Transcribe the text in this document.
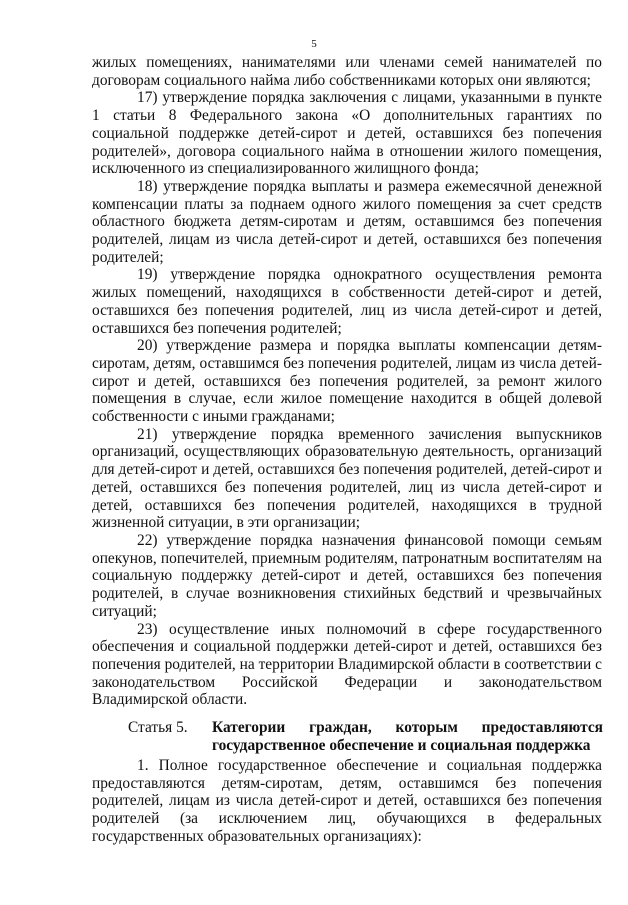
5

жилых помещениях, нанимателями или членами семей нанимателей по договорам социального найма либо собственниками которых они являются;

17) утверждение порядка заключения с лицами, указанными в пункте 1 статьи 8 Федерального закона «О дополнительных гарантиях по социальной поддержке детей-сирот и детей, оставшихся без попечения родителей», договора социального найма в отношении жилого помещения, исключенного из специализированного жилищного фонда;

18) утверждение порядка выплаты и размера ежемесячной денежной компенсации платы за поднаем одного жилого помещения за счет средств областного бюджета детям-сиротам и детям, оставшимся без попечения родителей, лицам из числа детей-сирот и детей, оставшихся без попечения родителей;

19) утверждение порядка однократного осуществления ремонта жилых помещений, находящихся в собственности детей-сирот и детей, оставшихся без попечения родителей, лиц из числа детей-сирот и детей, оставшихся без попечения родителей;

20) утверждение размера и порядка выплаты компенсации детям-сиротам, детям, оставшимся без попечения родителей, лицам из числа детей-сирот и детей, оставшихся без попечения родителей, за ремонт жилого помещения в случае, если жилое помещение находится в общей долевой собственности с иными гражданами;

21) утверждение порядка временного зачисления выпускников организаций, осуществляющих образовательную деятельность, организаций для детей-сирот и детей, оставшихся без попечения родителей, детей-сирот и детей, оставшихся без попечения родителей, лиц из числа детей-сирот и детей, оставшихся без попечения родителей, находящихся в трудной жизненной ситуации, в эти организации;

22) утверждение порядка назначения финансовой помощи семьям опекунов, попечителей, приемным родителям, патронатным воспитателям на социальную поддержку детей-сирот и детей, оставшихся без попечения родителей, в случае возникновения стихийных бедствий и чрезвычайных ситуаций;

23) осуществление иных полномочий в сфере государственного обеспечения и социальной поддержки детей-сирот и детей, оставшихся без попечения родителей, на территории Владимирской области в соответствии с законодательством Российской Федерации и законодательством Владимирской области.

Статья 5.	Категории граждан, которым предоставляются государственное обеспечение и социальная поддержка

1. Полное государственное обеспечение и социальная поддержка предоставляются детям-сиротам, детям, оставшимся без попечения родителей, лицам из числа детей-сирот и детей, оставшихся без попечения родителей (за исключением лиц, обучающихся в федеральных государственных образовательных организациях):
